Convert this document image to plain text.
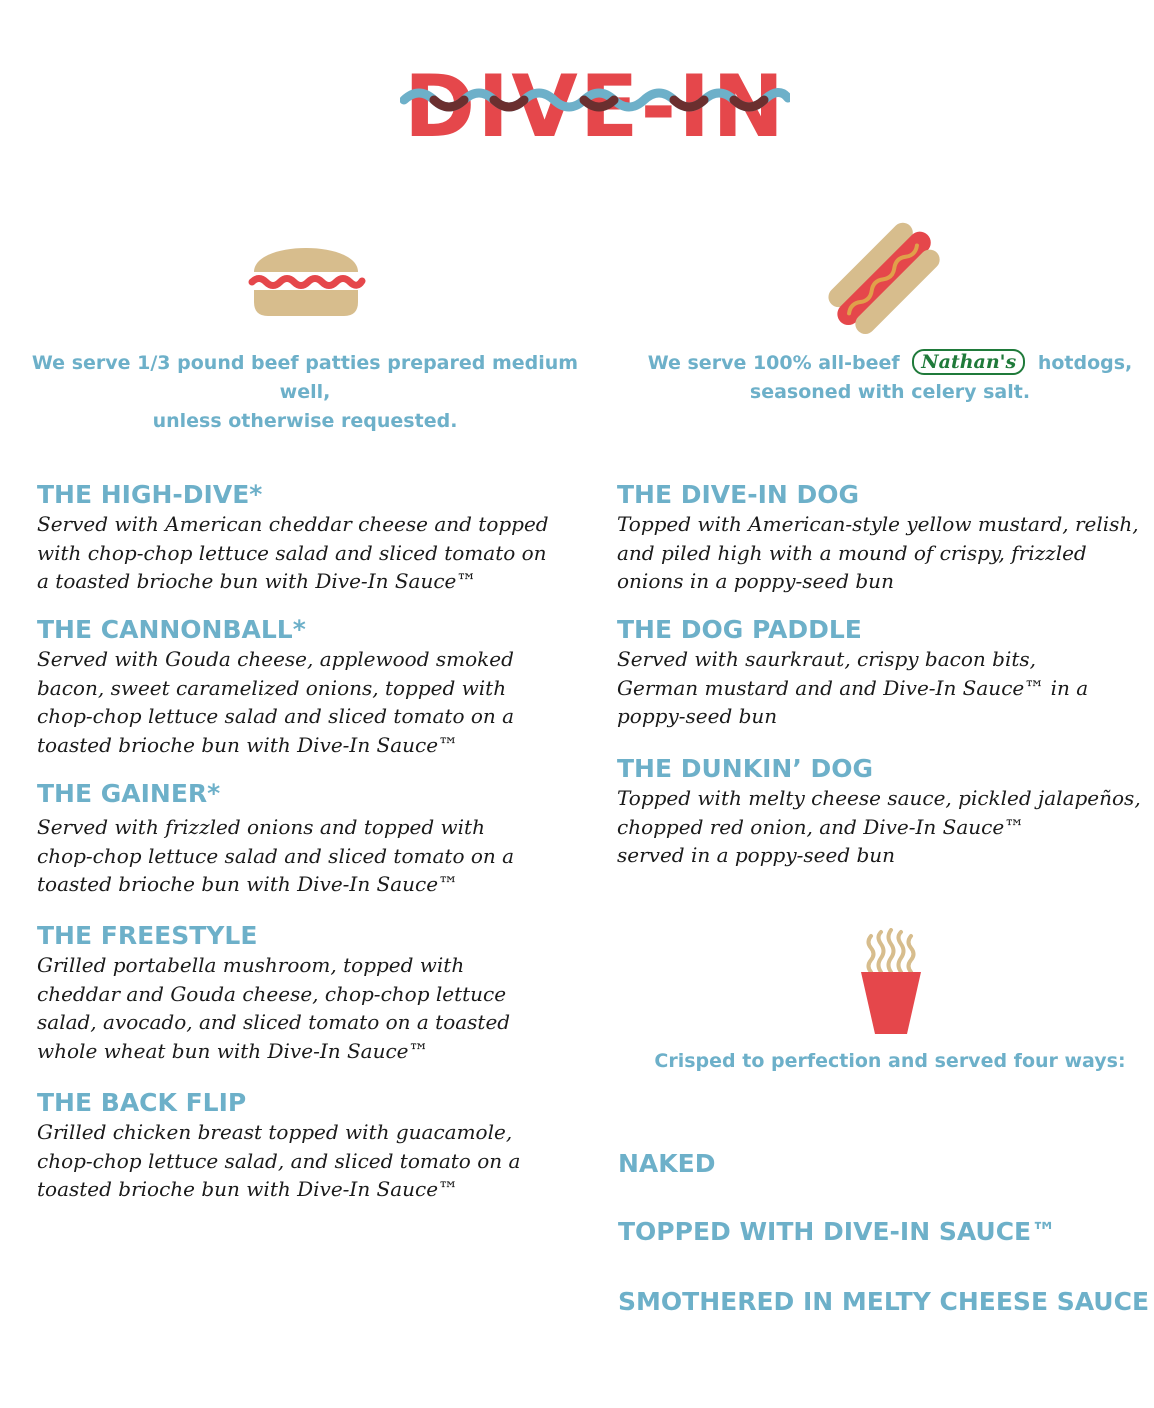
DIVE-IN
We serve 1/3 pound beef patties prepared medium well,
unless otherwise requested.
We serve 100% all-beef Nathan's hotdogs,
seasoned with celery salt.
THE HIGH-DIVE*

Served with American cheddar cheese and topped
with chop-chop lettuce salad and sliced tomato on
a toasted brioche bun with Dive-In Sauce™

THE CANNONBALL*

Served with Gouda cheese, applewood smoked
bacon, sweet caramelized onions, topped with
chop-chop lettuce salad and sliced tomato on a
toasted brioche bun with Dive-In Sauce™

THE GAINER*

Served with frizzled onions and topped with
chop-chop lettuce salad and sliced tomato on a
toasted brioche bun with Dive-In Sauce™

THE FREESTYLE

Grilled portabella mushroom, topped with
cheddar and Gouda cheese, chop-chop lettuce
salad, avocado, and sliced tomato on a toasted
whole wheat bun with Dive-In Sauce™

THE BACK FLIP

Grilled chicken breast topped with guacamole,
chop-chop lettuce salad, and sliced tomato on a
toasted brioche bun with Dive-In Sauce™

THE DIVE-IN DOG

Topped with American-style yellow mustard, relish,
and piled high with a mound of crispy, frizzled
onions in a poppy-seed bun

THE DOG PADDLE

Served with saurkraut, crispy bacon bits,
German mustard and and Dive-In Sauce™ in a
poppy-seed bun

THE DUNKIN’ DOG

Topped with melty cheese sauce, pickled jalapeños,
chopped red onion, and Dive-In Sauce™
served in a poppy-seed bun

Crisped to perfection and served four ways:
NAKED
TOPPED WITH DIVE-IN SAUCE™
SMOTHERED IN MELTY CHEESE SAUCE
